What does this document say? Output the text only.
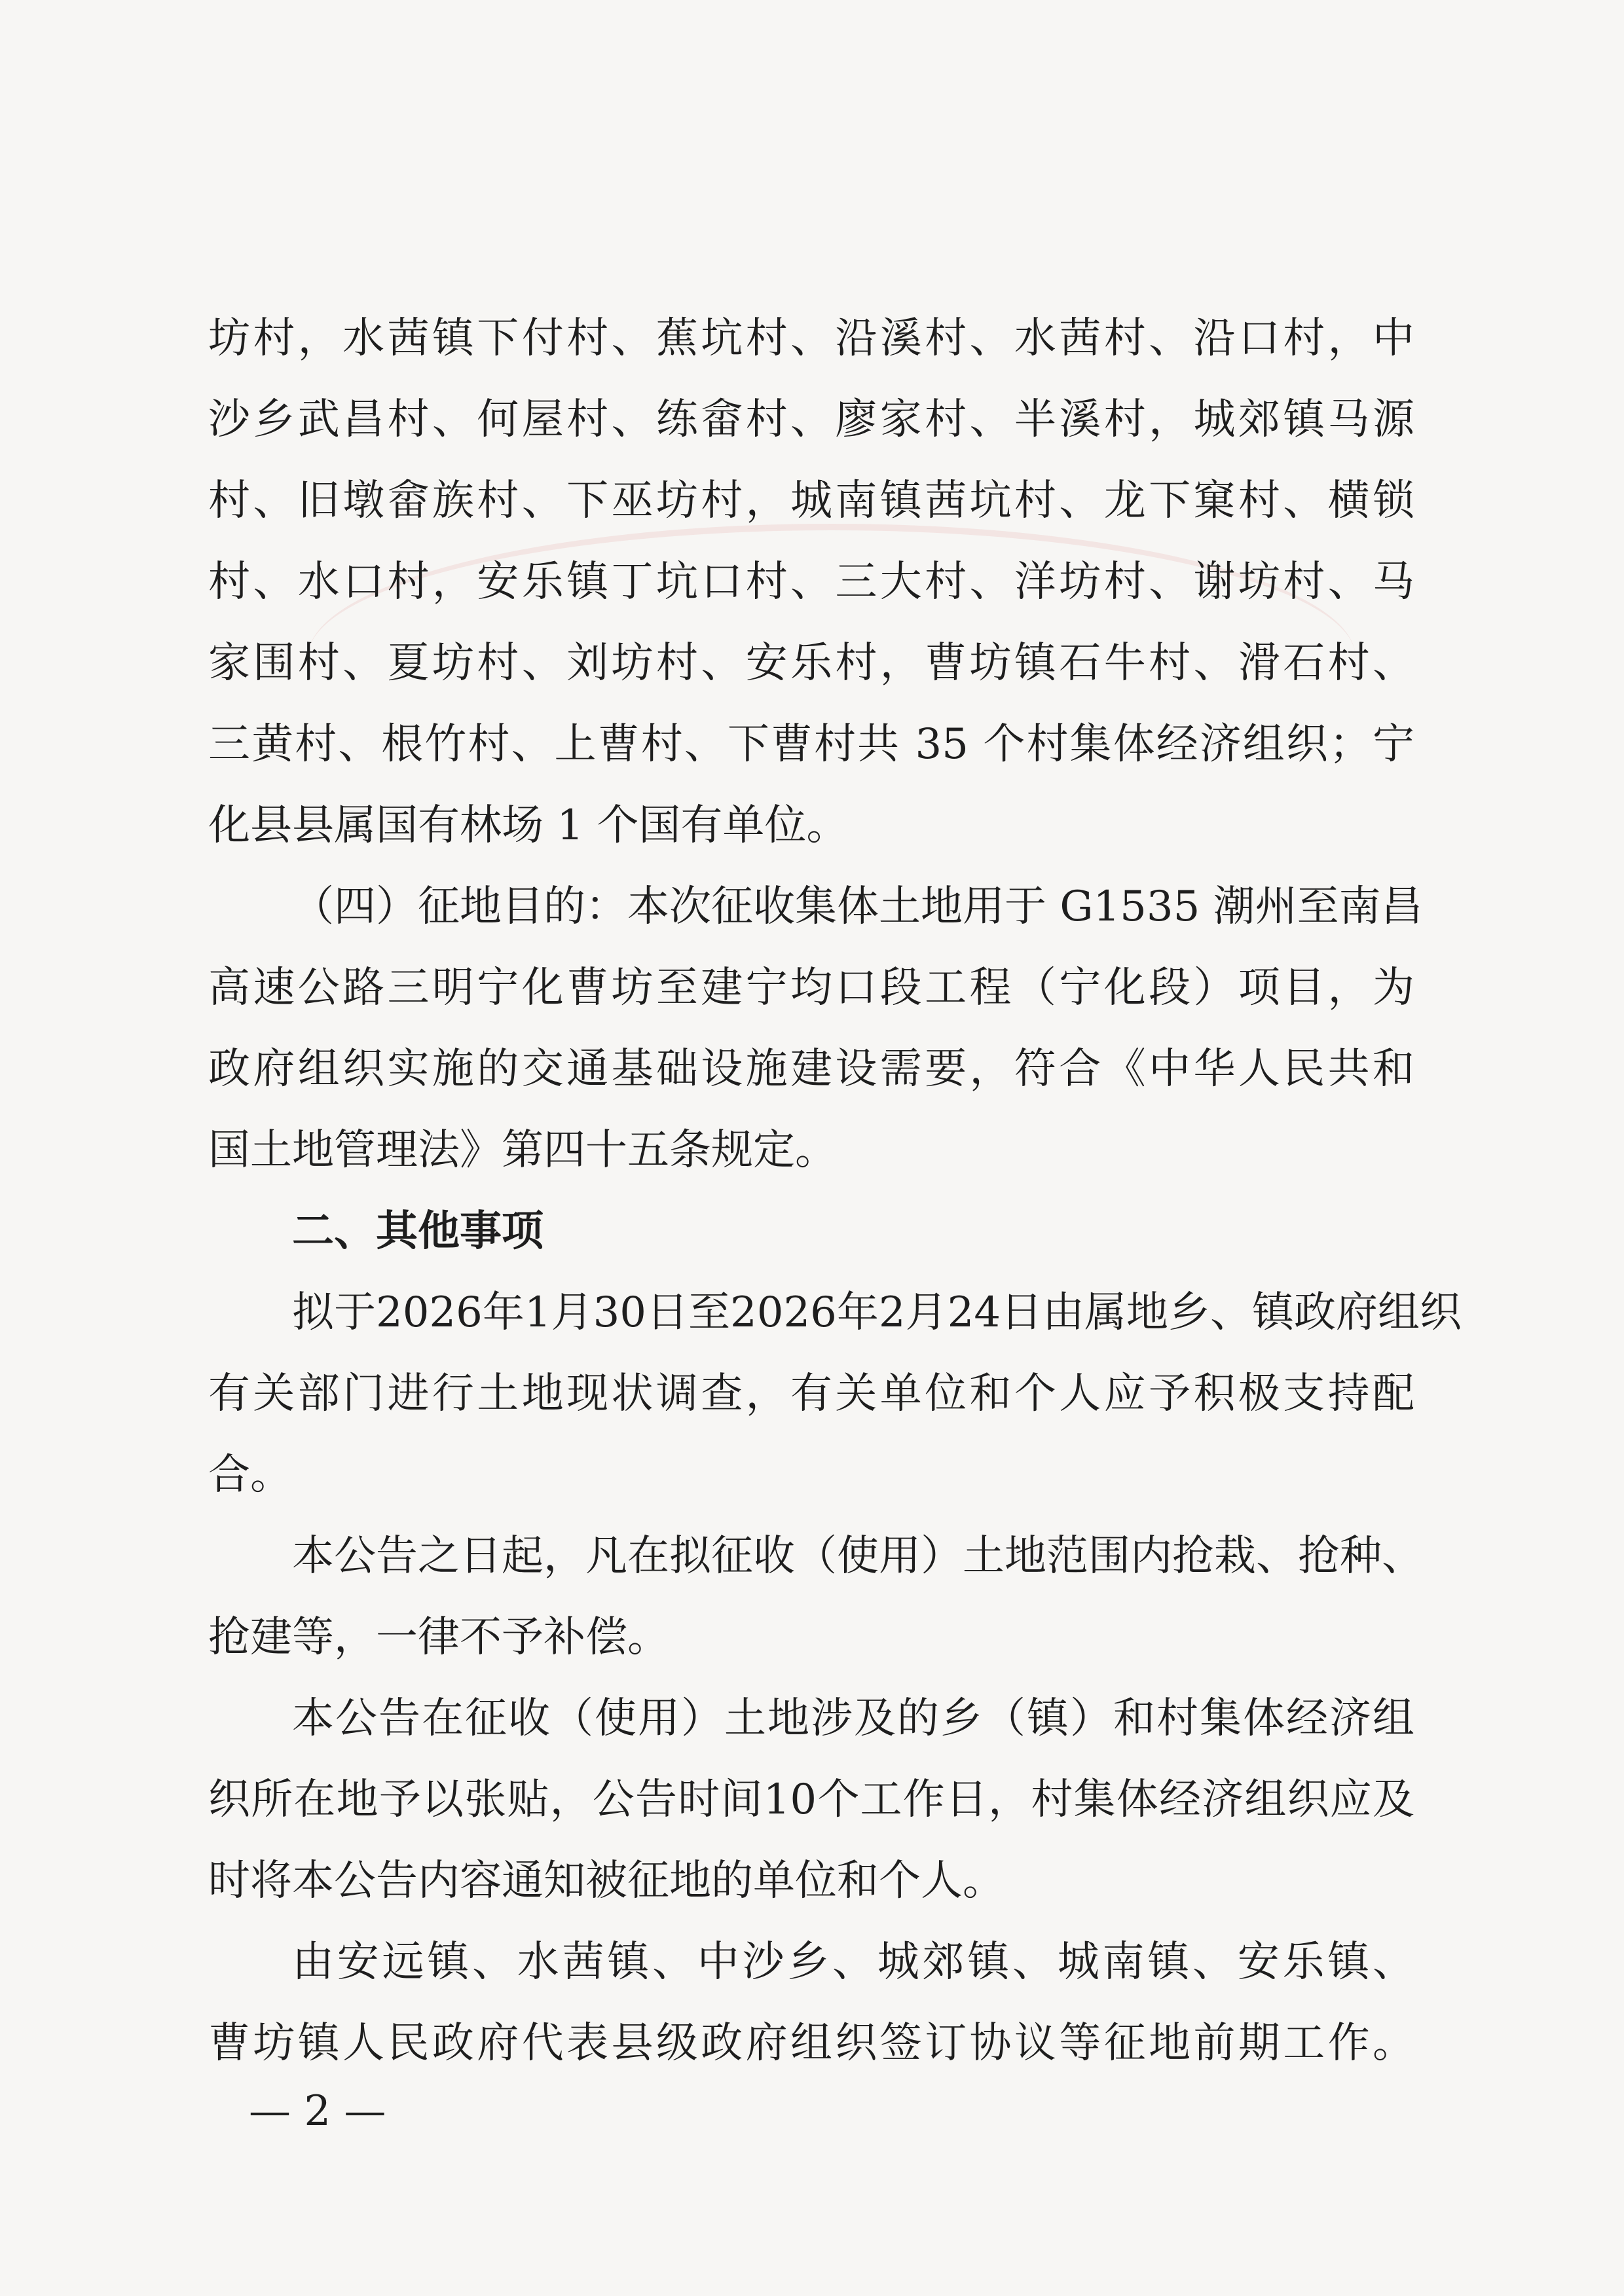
坊村，水茜镇下付村、蕉坑村、沿溪村、水茜村、沿口村，中
沙乡武昌村、何屋村、练畲村、廖家村、半溪村，城郊镇马源
村、旧墩畲族村、下巫坊村，城南镇茜坑村、龙下窠村、横锁
村、水口村，安乐镇丁坑口村、三大村、洋坊村、谢坊村、马
家围村、夏坊村、刘坊村、安乐村，曹坊镇石牛村、滑石村、
三黄村、根竹村、上曹村、下曹村共 35 个村集体经济组织；宁
化县县属国有林场 1 个国有单位。
（四）征地目的：本次征收集体土地用于 G1535 潮州至南昌
高速公路三明宁化曹坊至建宁均口段工程（宁化段）项目，为
政府组织实施的交通基础设施建设需要，符合《中华人民共和
国土地管理法》第四十五条规定。
二、其他事项
拟于2026年1月30日至2026年2月24日由属地乡、镇政府组织
有关部门进行土地现状调查，有关单位和个人应予积极支持配
合。
本公告之日起，凡在拟征收（使用）土地范围内抢栽、抢种、
抢建等，一律不予补偿。
本公告在征收（使用）土地涉及的乡（镇）和村集体经济组
织所在地予以张贴，公告时间10个工作日，村集体经济组织应及
时将本公告内容通知被征地的单位和个人。
由安远镇、水茜镇、中沙乡、城郊镇、城南镇、安乐镇、
曹坊镇人民政府代表县级政府组织签订协议等征地前期工作。
— 2 —
